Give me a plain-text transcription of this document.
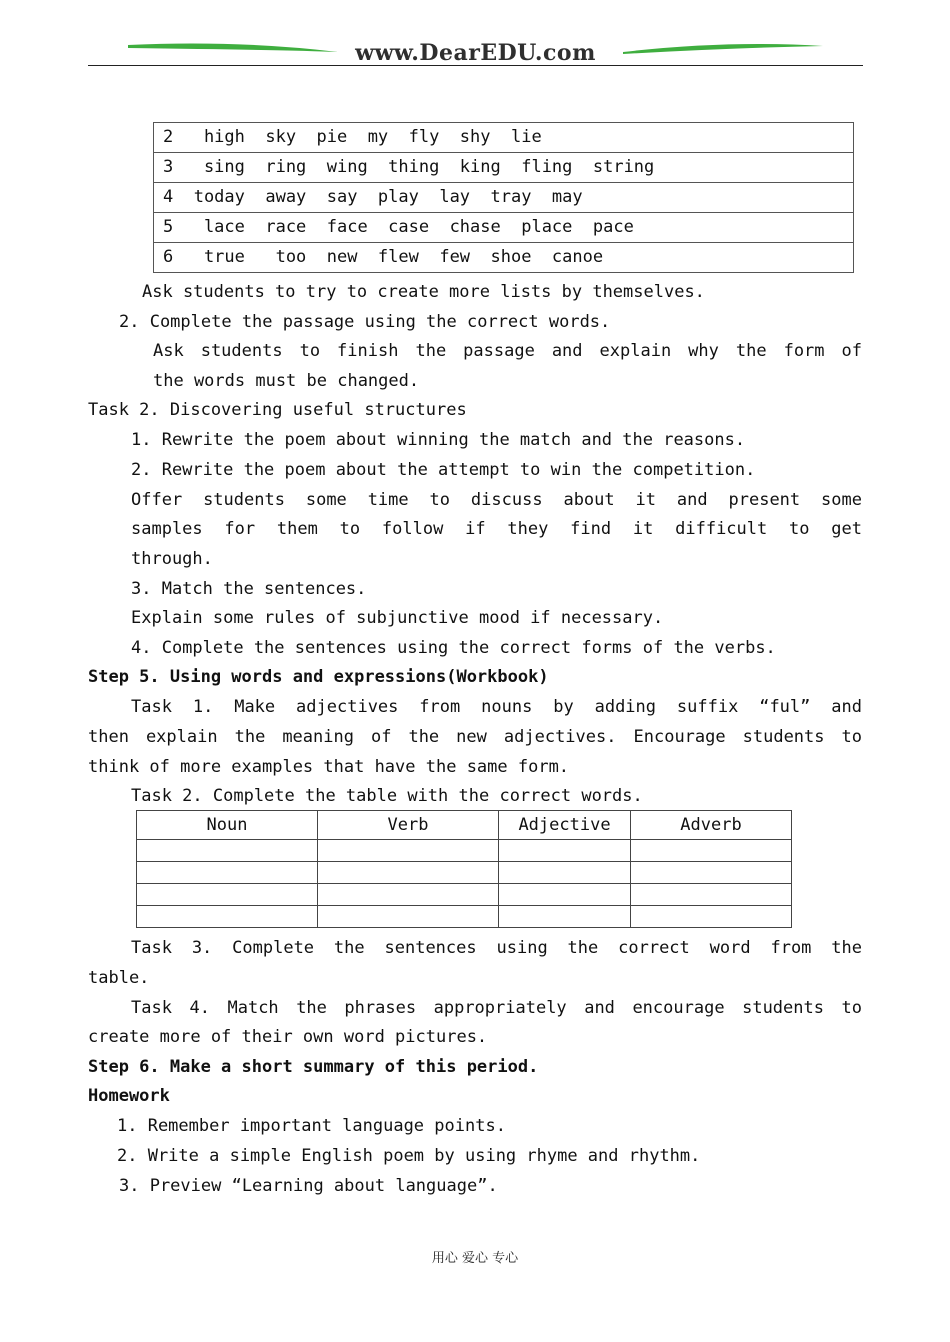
www.DearEDU.com
2   high  sky  pie  my  fly  shy  lie
3   sing  ring  wing  thing  king  fling  string
4  today  away  say  play  lay  tray  may
5   lace  race  face  case  chase  place  pace
6   true   too  new  flew  few  shoe  canoe
Ask students to try to create more lists by themselves.
2. Complete the passage using the correct words.
Ask students to finish the passage and explain why the form of
the words must be changed.
Task 2. Discovering useful structures
1. Rewrite the poem about winning the match and the reasons.
2. Rewrite the poem about the attempt to win the competition.
Offer students some time to discuss about it and present some
samples for them to follow if they find it difficult to get
through.
3. Match the sentences.
Explain some rules of subjunctive mood if necessary.
4. Complete the sentences using the correct forms of the verbs.
Step 5. Using words and expressions(Workbook)
Task 1. Make adjectives from nouns by adding suffix “ful” and
then explain the meaning of the new adjectives. Encourage students to
think of more examples that have the same form.
Task 2. Complete the table with the correct words.
Noun	Verb	Adjective	Adverb

Task 3. Complete the sentences using the correct word from the
table.
Task 4. Match the phrases appropriately and encourage students to
create more of their own word pictures.
Step 6. Make a short summary of this period.
Homework
1. Remember important language points.
2. Write a simple English poem by using rhyme and rhythm.
3. Preview “Learning about language”.
用心 爱心 专心
